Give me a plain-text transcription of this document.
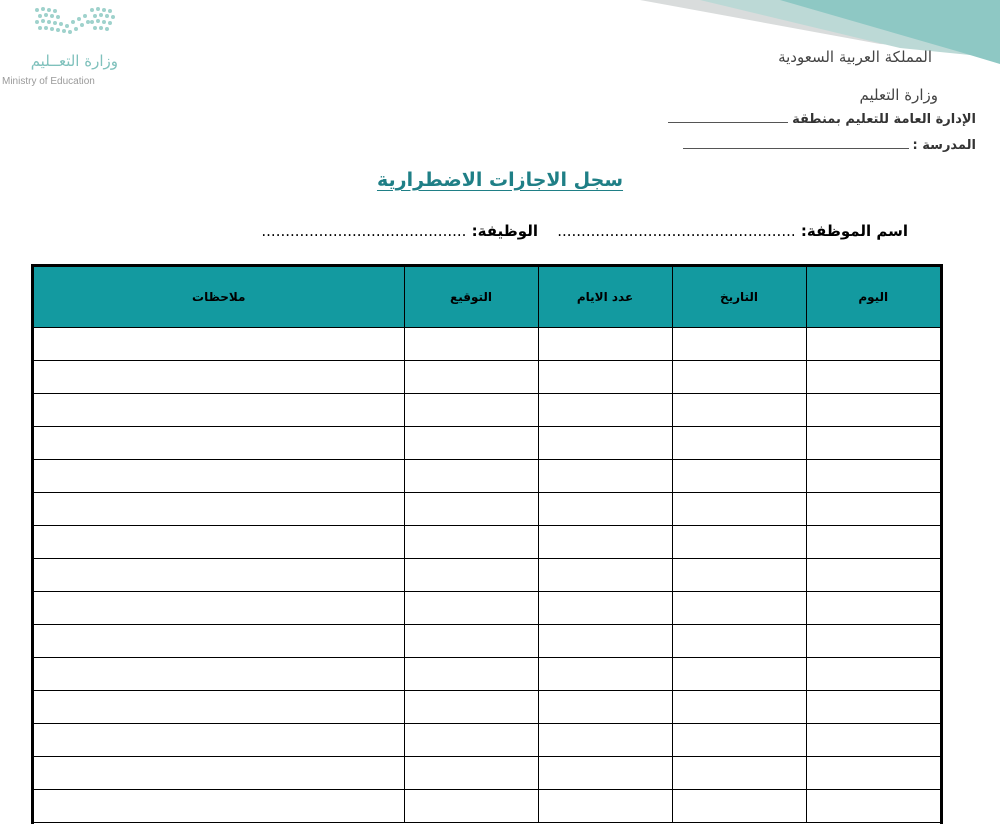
وزارة التعــليم
Ministry of Education
المملكة العربية السعودية
وزارة التعليم
الإدارة العامة للتعليم بمنطقة
المدرسة :
سجل الاجازات الاضطرارية
اسم الموظفة: .................................................. الوظيفة: ...........................................
اليوم	التاريخ	عدد الايام	التوقيع	ملاحظات
